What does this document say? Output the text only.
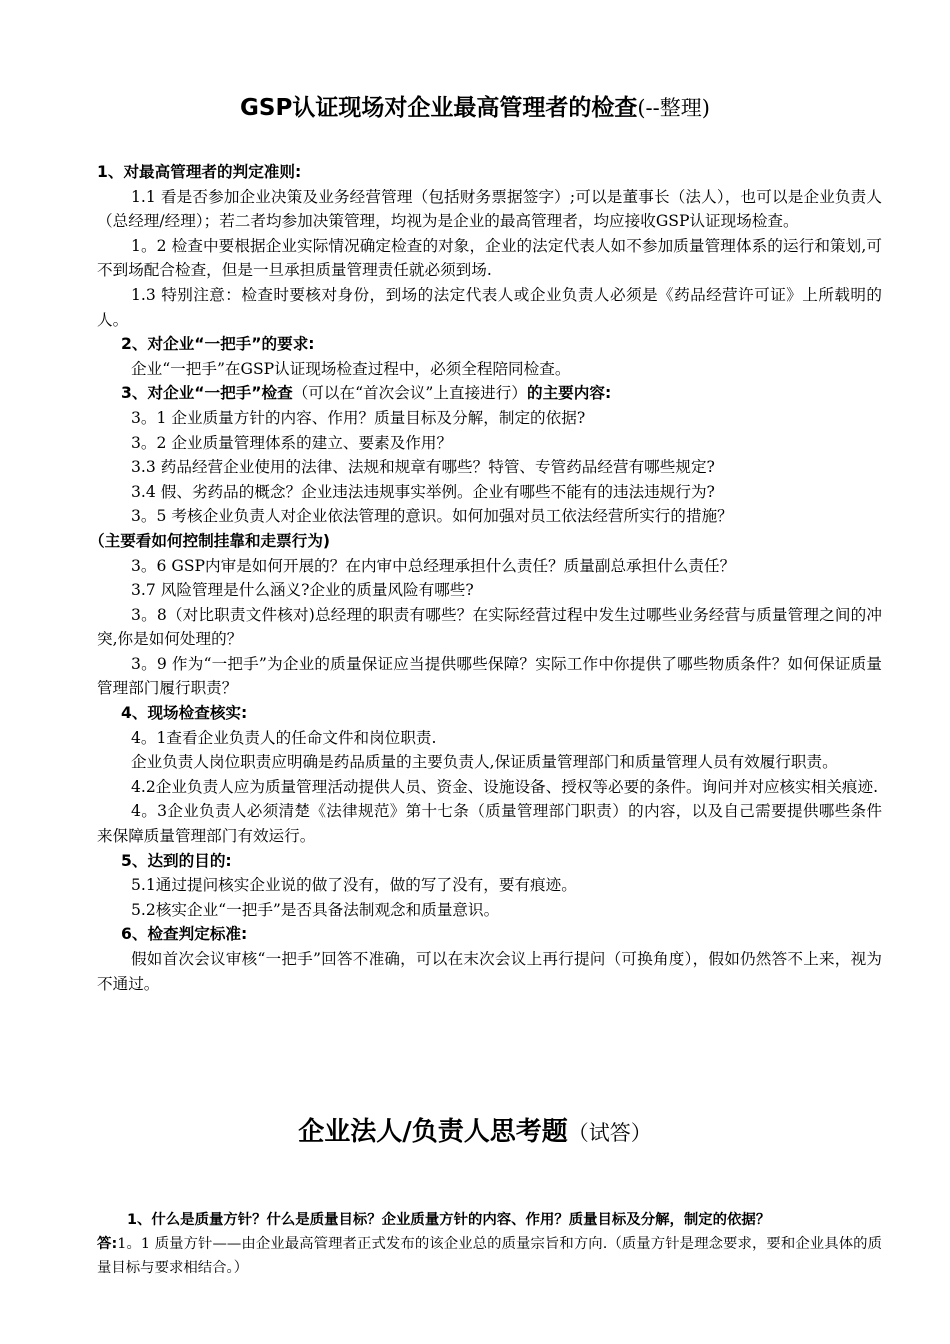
GSP认证现场对企业最高管理者的检查(--整理)

1、对最高管理者的判定准则:

1.1 看是否参加企业决策及业务经营管理（包括财务票据签字）;可以是董事长（法人），也可以是企业负责人（总经理/经理）；若二者均参加决策管理，均视为是企业的最高管理者，均应接收GSP认证现场检查。

1。2 检查中要根据企业实际情况确定检查的对象，企业的法定代表人如不参加质量管理体系的运行和策划,可不到场配合检查，但是一旦承担质量管理责任就必须到场.

1.3 特别注意：检查时要核对身份，到场的法定代表人或企业负责人必须是《药品经营许可证》上所载明的人。

2、对企业“一把手”的要求:

企业“一把手”在GSP认证现场检查过程中，必须全程陪同检查。

3、对企业“一把手”检查（可以在“首次会议”上直接进行）的主要内容:

3。1 企业质量方针的内容、作用？质量目标及分解，制定的依据?

3。2 企业质量管理体系的建立、要素及作用？

3.3 药品经营企业使用的法律、法规和规章有哪些？特管、专管药品经营有哪些规定?

3.4 假、劣药品的概念？企业违法违规事实举例。企业有哪些不能有的违法违规行为?

3。5 考核企业负责人对企业依法管理的意识。如何加强对员工依法经营所实行的措施？

（主要看如何控制挂靠和走票行为)

3。6 GSP内审是如何开展的？在内审中总经理承担什么责任？质量副总承担什么责任？

3.7 风险管理是什么涵义?企业的质量风险有哪些?

3。8（对比职责文件核对)总经理的职责有哪些？在实际经营过程中发生过哪些业务经营与质量管理之间的冲突,你是如何处理的？

3。9 作为“一把手”为企业的质量保证应当提供哪些保障？实际工作中你提供了哪些物质条件？如何保证质量管理部门履行职责？

4、现场检查核实:

4。1查看企业负责人的任命文件和岗位职责.

企业负责人岗位职责应明确是药品质量的主要负责人,保证质量管理部门和质量管理人员有效履行职责。

4.2企业负责人应为质量管理活动提供人员、资金、设施设备、授权等必要的条件。询问并对应核实相关痕迹.

4。3企业负责人必须清楚《法律规范》第十七条（质量管理部门职责）的内容，以及自己需要提供哪些条件来保障质量管理部门有效运行。

5、达到的目的:

5.1通过提问核实企业说的做了没有，做的写了没有，要有痕迹。

5.2核实企业“一把手”是否具备法制观念和质量意识。

6、检查判定标准:

假如首次会议审核“一把手”回答不准确，可以在末次会议上再行提问（可换角度），假如仍然答不上来，视为不通过。

企业法人/负责人思考题（试答）

1、什么是质量方针？什么是质量目标？企业质量方针的内容、作用？质量目标及分解，制定的依据？

答:1。1 质量方针——由企业最高管理者正式发布的该企业总的质量宗旨和方向.（质量方针是理念要求，要和企业具体的质量目标与要求相结合。）
